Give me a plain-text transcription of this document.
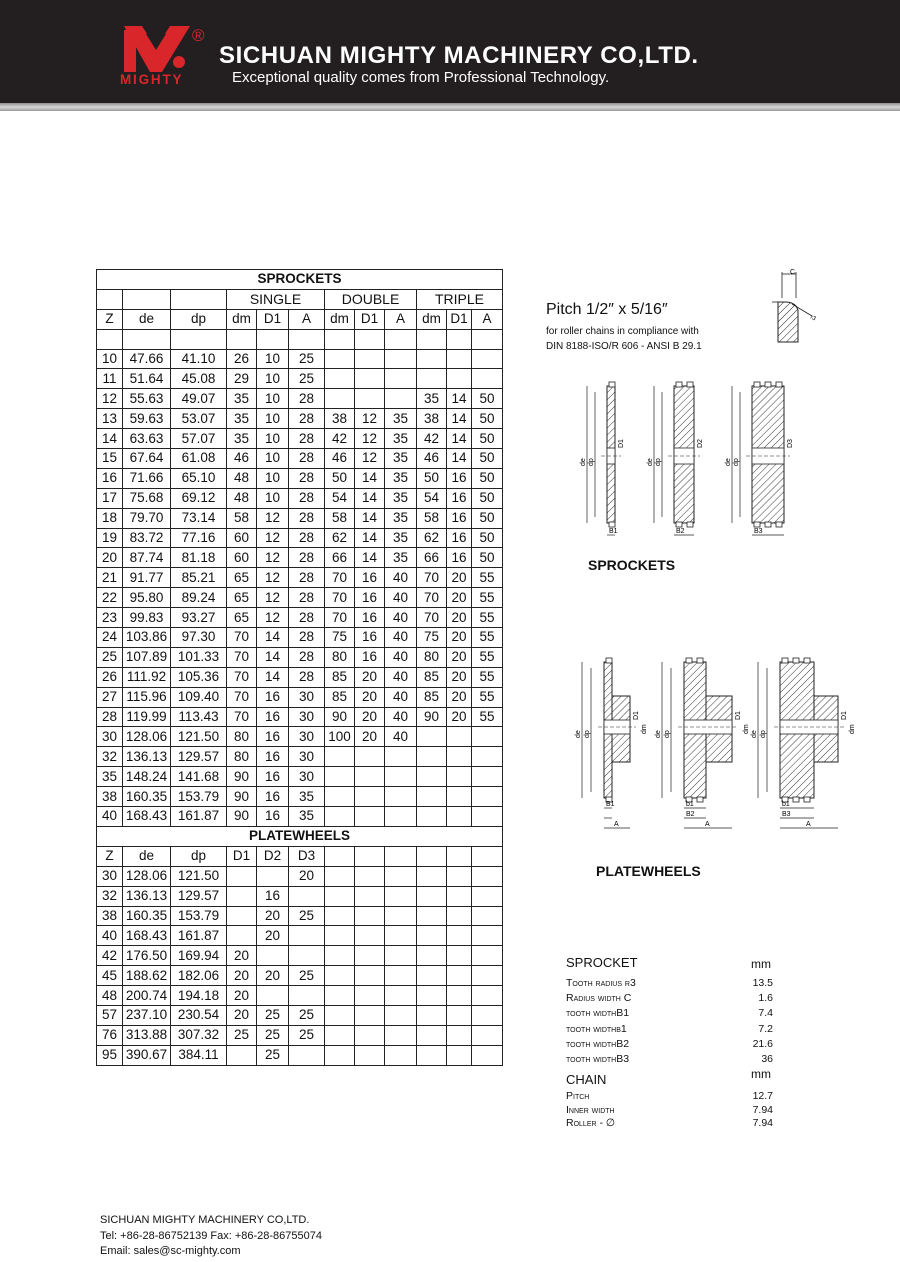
®
MIGHTY
SICHUAN MIGHTY MACHINERY CO,LTD.
Exceptional quality comes from Professional Technology.
SPROCKETS											
			SINGLE			DOUBLE			TRIPLE		
Z	de	dp	dm	D1	A	dm	D1	A	dm	D1	A

10	47.66	41.10	26	10	25						
11	51.64	45.08	29	10	25						
12	55.63	49.07	35	10	28				35	14	50
13	59.63	53.07	35	10	28	38	12	35	38	14	50
14	63.63	57.07	35	10	28	42	12	35	42	14	50
15	67.64	61.08	46	10	28	46	12	35	46	14	50
16	71.66	65.10	48	10	28	50	14	35	50	16	50
17	75.68	69.12	48	10	28	54	14	35	54	16	50
18	79.70	73.14	58	12	28	58	14	35	58	16	50
19	83.72	77.16	60	12	28	62	14	35	62	16	50
20	87.74	81.18	60	12	28	66	14	35	66	16	50
21	91.77	85.21	65	12	28	70	16	40	70	20	55
22	95.80	89.24	65	12	28	70	16	40	70	20	55
23	99.83	93.27	65	12	28	70	16	40	70	20	55
24	103.86	97.30	70	14	28	75	16	40	75	20	55
25	107.89	101.33	70	14	28	80	16	40	80	20	55
26	111.92	105.36	70	14	28	85	20	40	85	20	55
27	115.96	109.40	70	16	30	85	20	40	85	20	55
28	119.99	113.43	70	16	30	90	20	40	90	20	55
30	128.06	121.50	80	16	30	100	20	40			
32	136.13	129.57	80	16	30						
35	148.24	141.68	90	16	30						
38	160.35	153.79	90	16	35						
40	168.43	161.87	90	16	35						
PLATEWHEELS											
Z	de	dp	D1	D2	D3						
30	128.06	121.50			20						
32	136.13	129.57		16							
38	160.35	153.79		20	25						
40	168.43	161.87		20							
42	176.50	169.94	20								
45	188.62	182.06	20	20	25						
48	200.74	194.18	20								
57	237.10	230.54	20	25	25						
76	313.88	307.32	25	25	25						
95	390.67	384.11		25							
Pitch 1/2″ x 5/16″
for roller chains in compliance with
DIN 8188-ISO/R 606 - ANSI B 29.1
C
r3
de dp
D1
B1
de dp
D2
B2
de dp
D3
B3
SPROCKETS
de dp
D1
dm
B1
A
de dp
D1
dm
b1
B2
A
de dp
D1
dm
b1
B3
A
PLATEWHEELS
SPROCKET	mm
Tooth radius r3	13.5
Radius width C	1.6
tooth widthB1	7.4
tooth widthb1	7.2
tooth widthB2	21.6
tooth widthB3	36
CHAIN	mm
Pitch	12.7
Inner width	7.94
Roller - ∅	7.94
SICHUAN MIGHTY MACHINERY CO,LTD.
Tel: +86-28-86752139 Fax: +86-28-86755074
Email: sales@sc-mighty.com
